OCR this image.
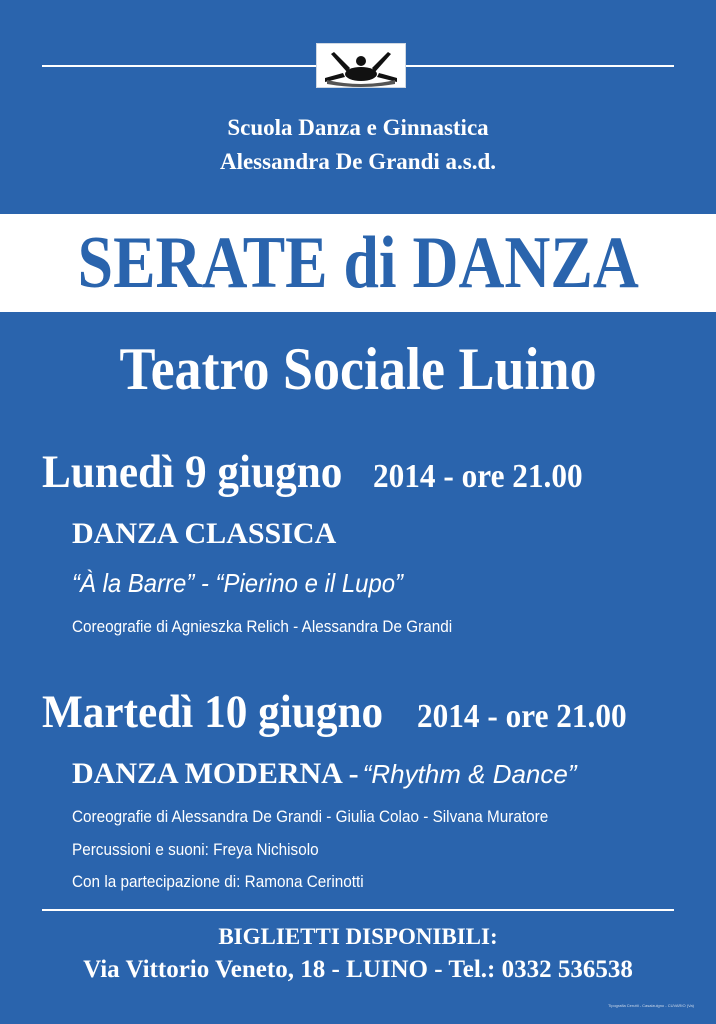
Scuola Danza e Ginnastica
Alessandra De Grandi a.s.d.
SERATE di DANZA
Teatro Sociale Luino
Lunedì 9 giugno 2014 - ore 21.00
DANZA CLASSICA
“À la Barre” - “Pierino e il Lupo”
Coreografie di Agnieszka Relich - Alessandra De Grandi
Martedì 10 giugno 2014 - ore 21.00
DANZA MODERNA - “Rhythm & Dance”
Coreografie di Alessandra De Grandi - Giulia Colao - Silvana Muratore
Percussioni e suoni: Freya Nichisolo
Con la partecipazione di: Ramona Cerinotti
BIGLIETTI DISPONIBILI:
Via Vittorio Veneto, 18 - LUINO - Tel.: 0332 536538
Tipografia Cerutti - Casalzuigno - CUVARIO (Va)
